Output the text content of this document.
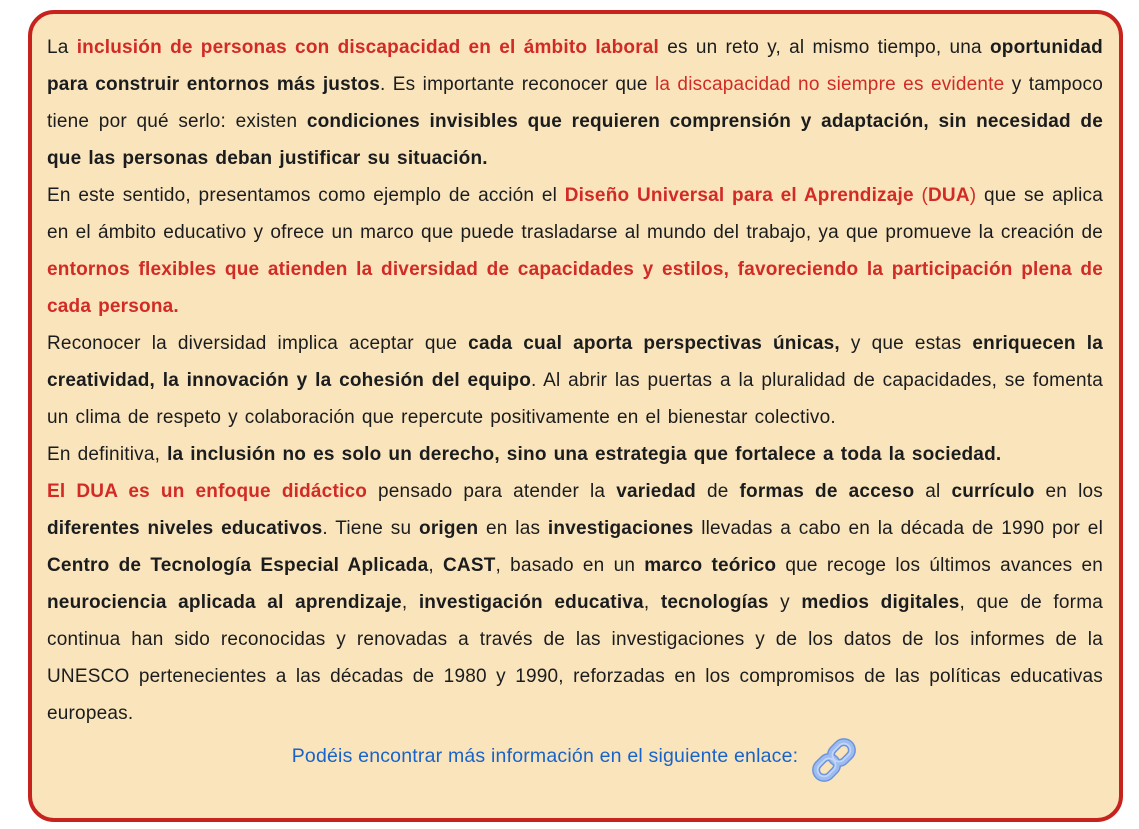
La inclusión de personas con discapacidad en el ámbito laboral es un reto y, al mismo tiempo, una oportunidad para construir entornos más justos. Es importante reconocer que la discapacidad no siempre es evidente y tampoco tiene por qué serlo: existen condiciones invisibles que requieren comprensión y adaptación, sin necesidad de que las personas deban justificar su situación.

En este sentido, presentamos como ejemplo de acción el Diseño Universal para el Aprendizaje (DUA) que se aplica en el ámbito educativo y ofrece un marco que puede trasladarse al mundo del trabajo, ya que promueve la creación de entornos flexibles que atienden la diversidad de capacidades y estilos, favoreciendo la participación plena de cada persona.

Reconocer la diversidad implica aceptar que cada cual aporta perspectivas únicas, y que estas enriquecen la creatividad, la innovación y la cohesión del equipo. Al abrir las puertas a la pluralidad de capacidades, se fomenta un clima de respeto y colaboración que repercute positivamente en el bienestar colectivo.

En definitiva, la inclusión no es solo un derecho, sino una estrategia que fortalece a toda la sociedad.

El DUA es un enfoque didáctico pensado para atender la variedad de formas de acceso al currículo en los diferentes niveles educativos. Tiene su origen en las investigaciones llevadas a cabo en la década de 1990 por el Centro de Tecnología Especial Aplicada, CAST, basado en un marco teórico que recoge los últimos avances en neurociencia aplicada al aprendizaje, investigación educativa, tecnologías y medios digitales, que de forma continua han sido reconocidas y renovadas a través de las investigaciones y de los datos de los informes de la UNESCO pertenecientes a las décadas de 1980 y 1990, reforzadas en los compromisos de las políticas educativas europeas.

Podéis encontrar más información en el siguiente enlace:
